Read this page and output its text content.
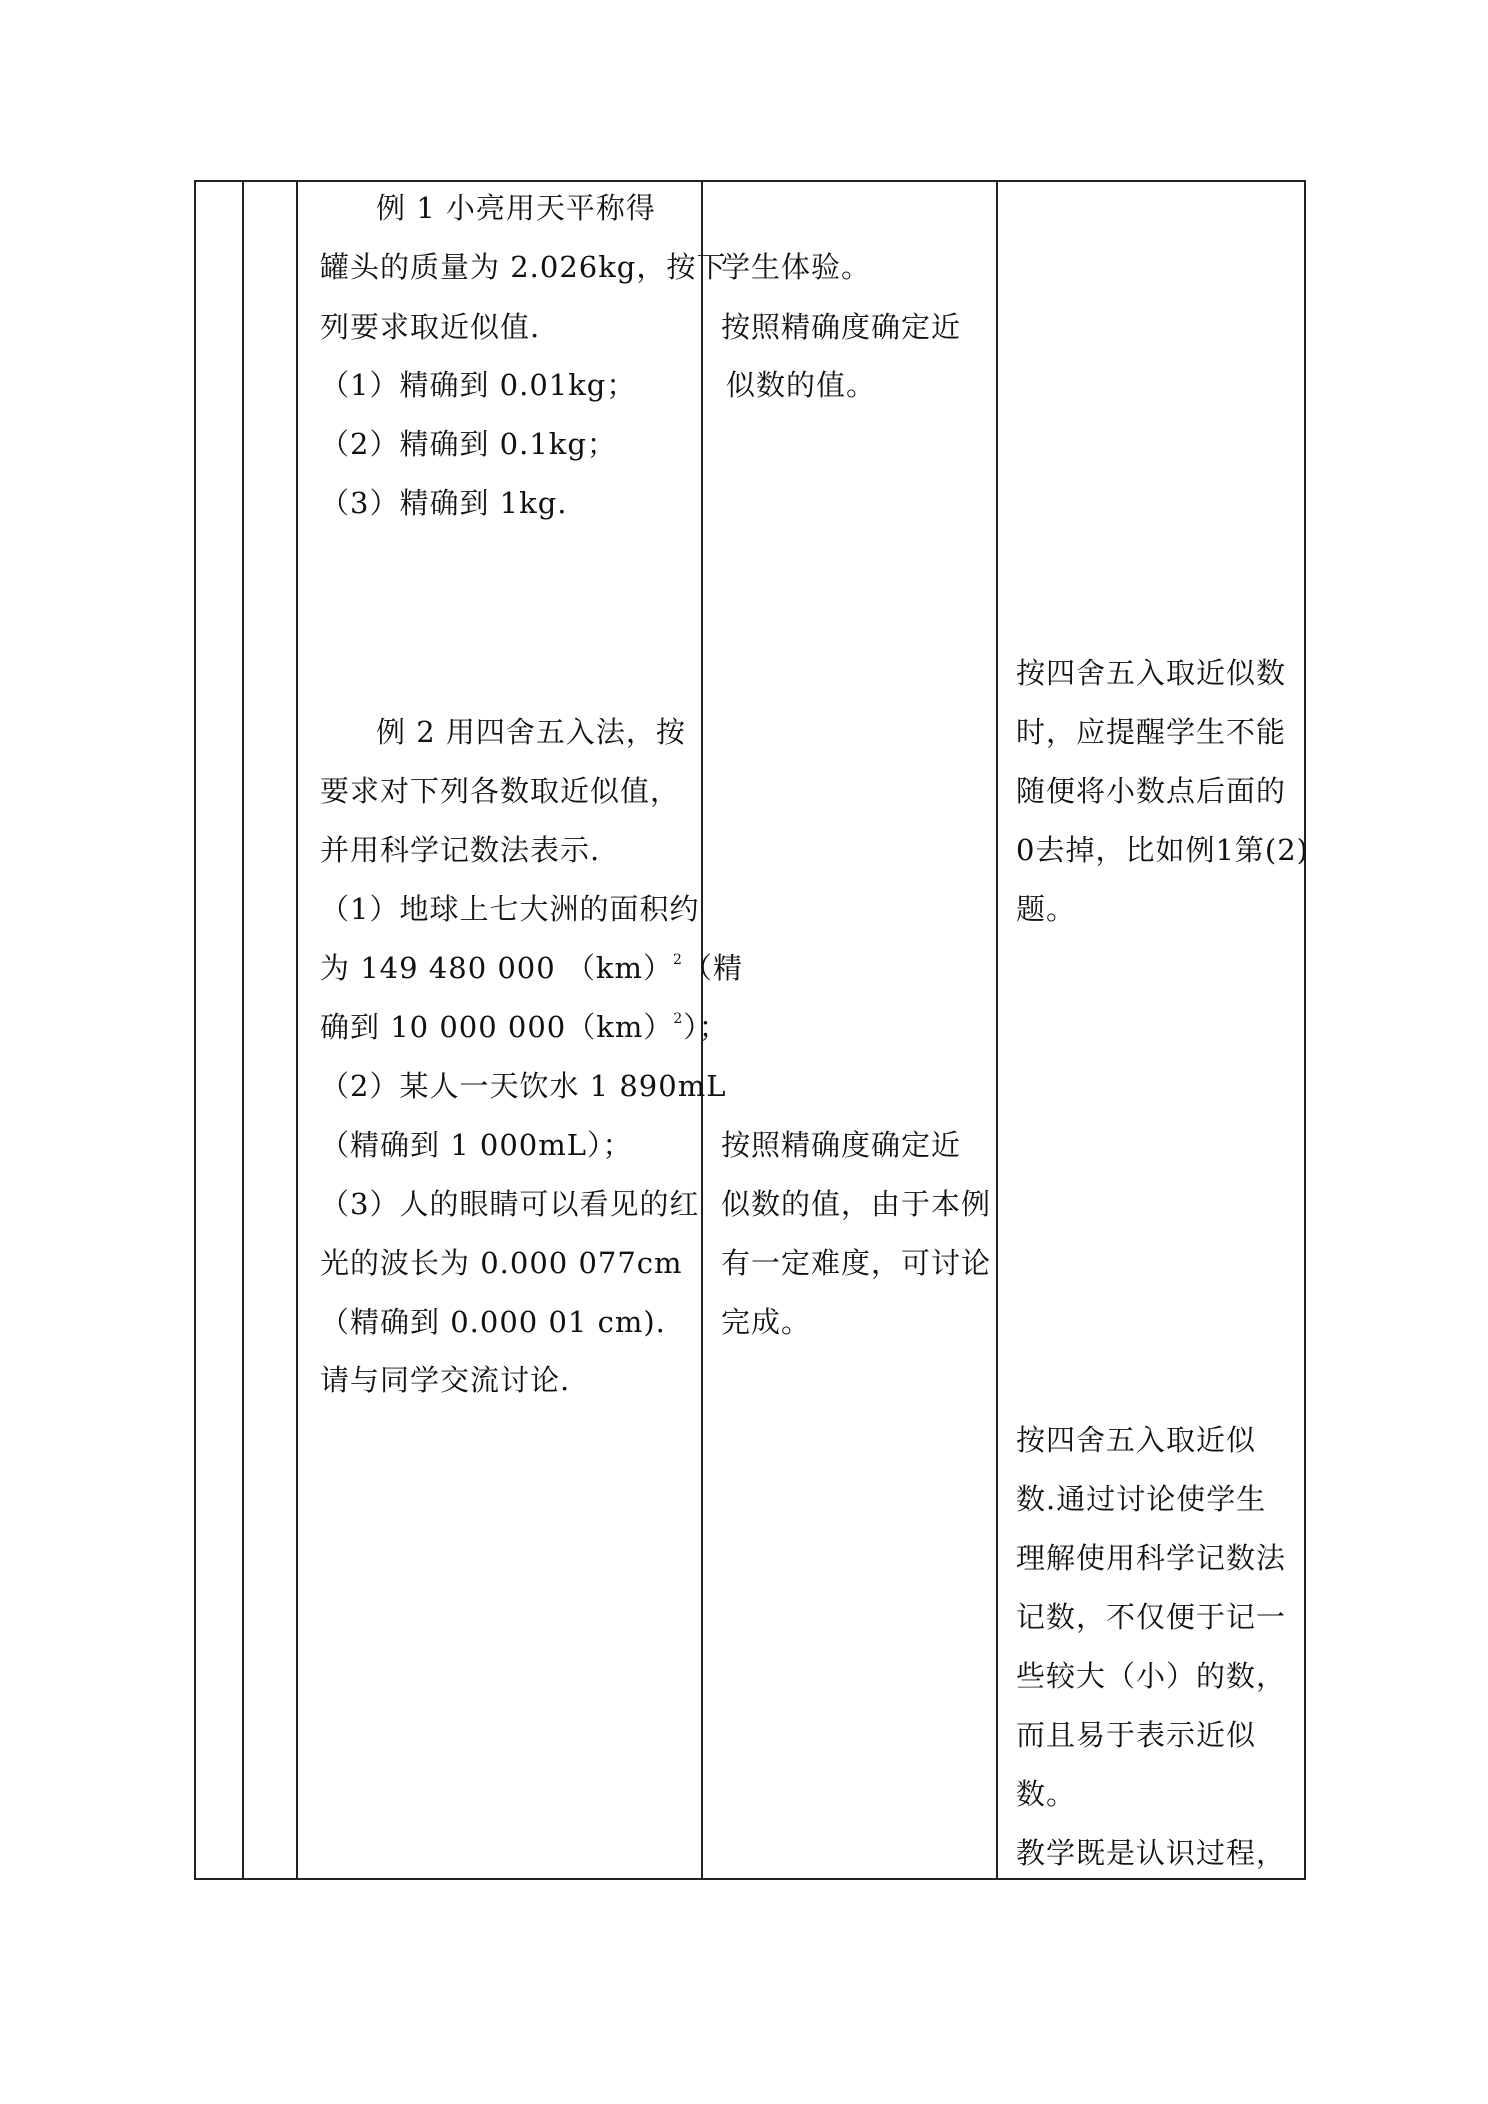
例 1 小亮用天平称得
罐头的质量为 2.026kg，按下
列要求取近似值.
（1）精确到 0.01kg；
（2）精确到 0.1kg；
（3）精确到 1kg.
例 2 用四舍五入法，按
要求对下列各数取近似值，
并用科学记数法表示.
（1）地球上七大洲的面积约
为 149 480 000 （km）$^2$（精
确到 10 000 000（km）$^2$）；
（2）某人一天饮水 1 890mL
（精确到 1 000mL）；
（3）人的眼睛可以看见的红
光的波长为 0.000 077cm
（精确到 0.000 01 cm).
请与同学交流讨论.
学生体验。
按照精确度确定近
似数的值。
按照精确度确定近
似数的值，由于本例
有一定难度，可讨论
完成。
按四舍五入取近似数
时，应提醒学生不能
随便将小数点后面的
0去掉，比如例1第(2)
题。
按四舍五入取近似
数.通过讨论使学生
理解使用科学记数法
记数，不仅便于记一
些较大（小）的数，
而且易于表示近似
数。
教学既是认识过程，
